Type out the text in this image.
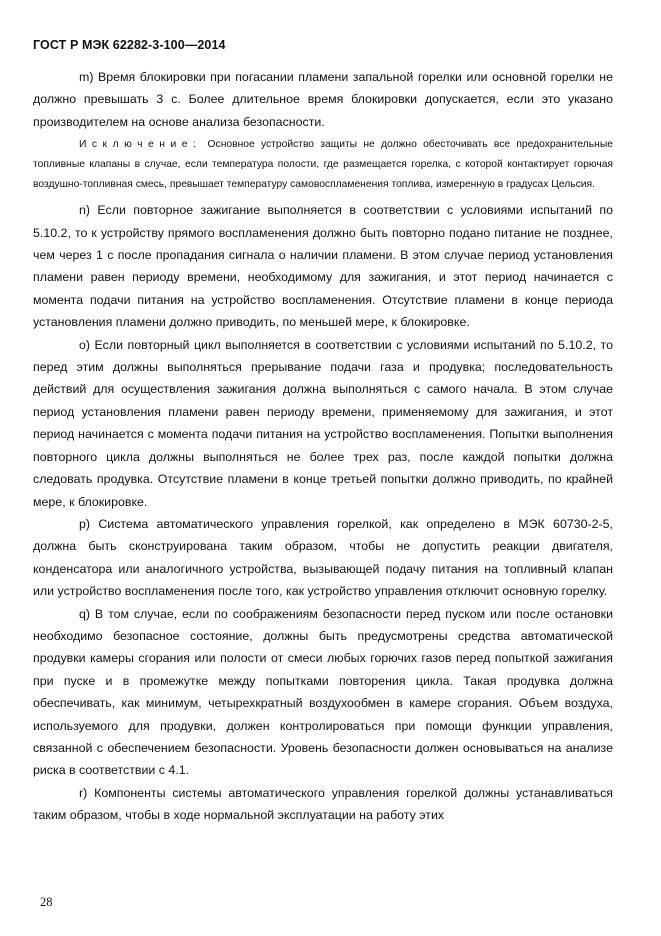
ГОСТ Р МЭК 62282-3-100—2014

m) Время блокировки при погасании пламени запальной горелки или основной горелки не должно превышать 3 с. Более длительное время блокировки допускается, если это указано производителем на основе анализа безопасности.

Исключение: Основное устройство защиты не должно обесточивать все предохранительные топливные клапаны в случае, если температура полости, где размещается горелка, с которой контактирует горючая воздушно-топливная смесь, превышает температуру самовоспламенения топлива, измеренную в градусах Цельсия.

n) Если повторное зажигание выполняется в соответствии с условиями испытаний по 5.10.2, то к устройству прямого воспламенения должно быть повторно подано питание не позднее, чем через 1 с после пропадания сигнала о наличии пламени. В этом случае период установления пламени равен периоду времени, необходимому для зажигания, и этот период начинается с момента подачи питания на устройство воспламенения. Отсутствие пламени в конце периода установления пламени должно приводить, по меньшей мере, к блокировке.

o) Если повторный цикл выполняется в соответствии с условиями испытаний по 5.10.2, то перед этим должны выполняться прерывание подачи газа и продувка; последовательность действий для осуществления зажигания должна выполняться с самого начала. В этом случае период установления пламени равен периоду времени, применяемому для зажигания, и этот период начинается с момента подачи питания на устройство воспламенения. Попытки выполнения повторного цикла должны выполняться не более трех раз, после каждой попытки должна следовать продувка. Отсутствие пламени в конце третьей попытки должно приводить, по крайней мере, к блокировке.

p) Система автоматического управления горелкой, как определено в МЭК 60730-2-5, должна быть сконструирована таким образом, чтобы не допустить реакции двигателя, конденсатора или аналогичного устройства, вызывающей подачу питания на топливный клапан или устройство воспламенения после того, как устройство управления отключит основную горелку.

q) В том случае, если по соображениям безопасности перед пуском или после остановки необходимо безопасное состояние, должны быть предусмотрены средства автоматической продувки камеры сгорания или полости от смеси любых горючих газов перед попыткой зажигания при пуске и в промежутке между попытками повторения цикла. Такая продувка должна обеспечивать, как минимум, четырехкратный воздухообмен в камере сгорания. Объем воздуха, используемого для продувки, должен контролироваться при помощи функции управления, связанной с обеспечением безопасности. Уровень безопасности должен основываться на анализе риска в соответствии с 4.1.

r) Компоненты системы автоматического управления горелкой должны устанавливаться таким образом, чтобы в ходе нормальной эксплуатации на работу этих

28
